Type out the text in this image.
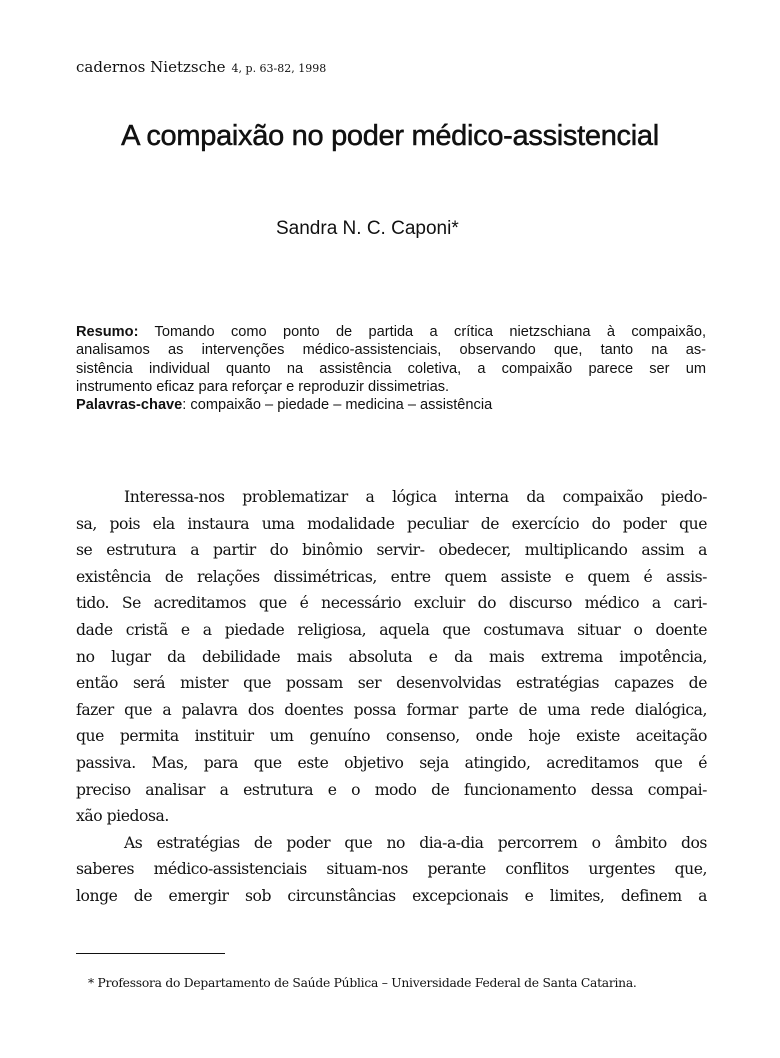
cadernos Nietzsche 4, p. 63-82, 1998
A compaixão no poder médico-assistencial
Sandra N. C. Caponi*
Resumo: Tomando como ponto de partida a crítica nietzschiana à compaixão,
analisamos as intervenções médico-assistenciais, observando que, tanto na as-
sistência individual quanto na assistência coletiva, a compaixão parece ser um
instrumento eficaz para reforçar e reproduzir dissimetrias.
Palavras-chave: compaixão – piedade – medicina – assistência
Interessa-nos problematizar a lógica interna da compaixão piedo-
sa, pois ela instaura uma modalidade peculiar de exercício do poder que
se estrutura a partir do binômio servir- obedecer, multiplicando assim a
existência de relações dissimétricas, entre quem assiste e quem é assis-
tido. Se acreditamos que é necessário excluir do discurso médico a cari-
dade cristã e a piedade religiosa, aquela que costumava situar o doente
no lugar da debilidade mais absoluta e da mais extrema impotência,
então será mister que possam ser desenvolvidas estratégias capazes de
fazer que a palavra dos doentes possa formar parte de uma rede dialógica,
que permita instituir um genuíno consenso, onde hoje existe aceitação
passiva. Mas, para que este objetivo seja atingido, acreditamos que é
preciso analisar a estrutura e o modo de funcionamento dessa compai-
xão piedosa.
As estratégias de poder que no dia-a-dia percorrem o âmbito dos
saberes médico-assistenciais situam-nos perante conflitos urgentes que,
longe de emergir sob circunstâncias excepcionais e limites, definem a
* Professora do Departamento de Saúde Pública – Universidade Federal de Santa Catarina.
